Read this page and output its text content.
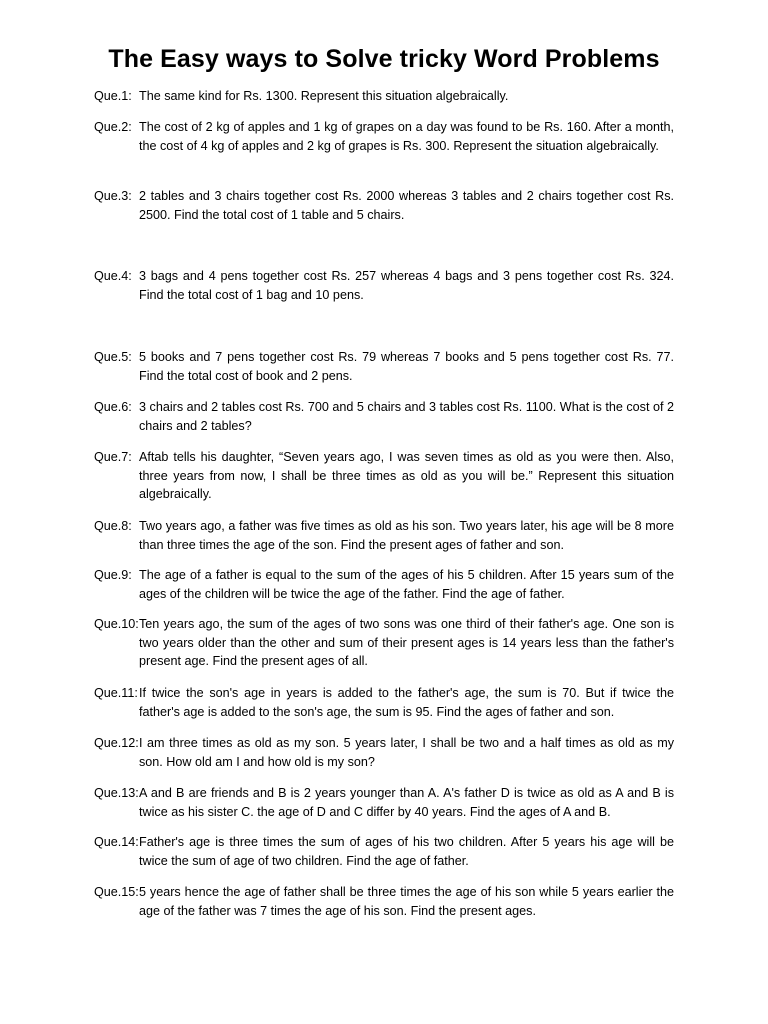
The Easy ways to Solve tricky Word Problems
Que.1: The same kind for Rs. 1300. Represent this situation algebraically.
Que.2: The cost of 2 kg of apples and 1 kg of grapes on a day was found to be Rs. 160. After a month, the cost of 4 kg of apples and 2 kg of grapes is Rs. 300. Represent the situation algebraically.
Que.3: 2 tables and 3 chairs together cost Rs. 2000 whereas 3 tables and 2 chairs together cost Rs. 2500. Find the total cost of 1 table and 5 chairs.
Que.4: 3 bags and 4 pens together cost Rs. 257 whereas 4 bags and 3 pens together cost Rs. 324. Find the total cost of 1 bag and 10 pens.
Que.5: 5 books and 7 pens together cost Rs. 79 whereas 7 books and 5 pens together cost Rs. 77. Find the total cost of book and 2 pens.
Que.6: 3 chairs and 2 tables cost Rs. 700 and 5 chairs and 3 tables cost Rs. 1100. What is the cost of 2 chairs and 2 tables?
Que.7: Aftab tells his daughter, “Seven years ago, I was seven times as old as you were then. Also, three years from now, I shall be three times as old as you will be.” Represent this situation algebraically.
Que.8: Two years ago, a father was five times as old as his son. Two years later, his age will be 8 more than three times the age of the son. Find the present ages of father and son.
Que.9: The age of a father is equal to the sum of the ages of his 5 children. After 15 years sum of the ages of the children will be twice the age of the father. Find the age of father.
Que.10: Ten years ago, the sum of the ages of two sons was one third of their father's age. One son is two years older than the other and sum of their present ages is 14 years less than the father's present age. Find the present ages of all.
Que.11: If twice the son's age in years is added to the father's age, the sum is 70. But if twice the father's age is added to the son's age, the sum is 95. Find the ages of father and son.
Que.12: I am three times as old as my son. 5 years later, I shall be two and a half times as old as my son. How old am I and how old is my son?
Que.13: A and B are friends and B is 2 years younger than A. A's father D is twice as old as A and B is twice as his sister C. the age of D and C differ by 40 years. Find the ages of A and B.
Que.14: Father's age is three times the sum of ages of his two children. After 5 years his age will be twice the sum of age of two children. Find the age of father.
Que.15: 5 years hence the age of father shall be three times the age of his son while 5 years earlier the age of the father was 7 times the age of his son. Find the present ages.
